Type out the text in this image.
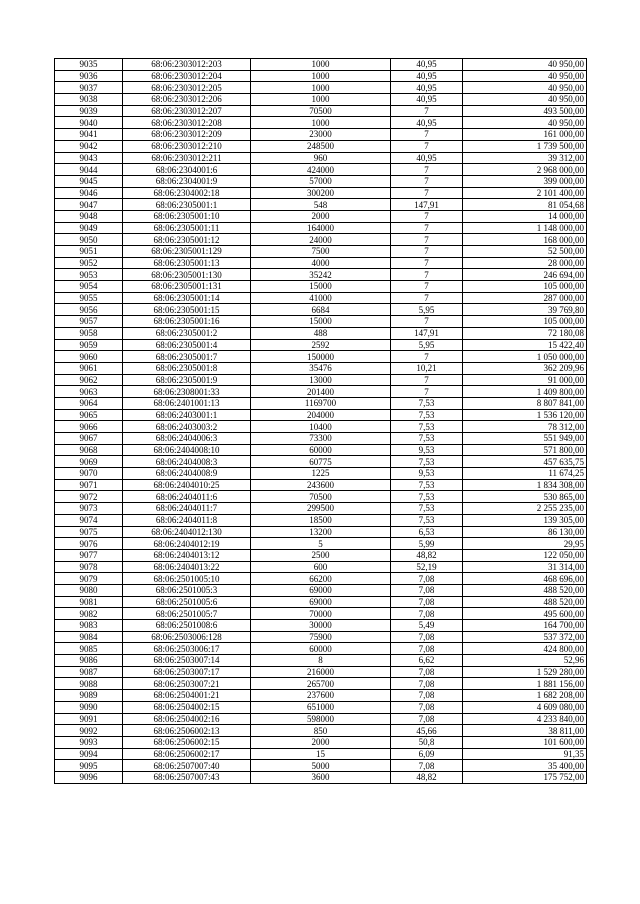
9035	68:06:2303012:203	1000	40,95	40 950,00
9036	68:06:2303012:204	1000	40,95	40 950,00
9037	68:06:2303012:205	1000	40,95	40 950,00
9038	68:06:2303012:206	1000	40,95	40 950,00
9039	68:06:2303012:207	70500	7	493 500,00
9040	68:06:2303012:208	1000	40,95	40 950,00
9041	68:06:2303012:209	23000	7	161 000,00
9042	68:06:2303012:210	248500	7	1 739 500,00
9043	68:06:2303012:211	960	40,95	39 312,00
9044	68:06:2304001:6	424000	7	2 968 000,00
9045	68:06:2304001:9	57000	7	399 000,00
9046	68:06:2304002:18	300200	7	2 101 400,00
9047	68:06:2305001:1	548	147,91	81 054,68
9048	68:06:2305001:10	2000	7	14 000,00
9049	68:06:2305001:11	164000	7	1 148 000,00
9050	68:06:2305001:12	24000	7	168 000,00
9051	68:06:2305001:129	7500	7	52 500,00
9052	68:06:2305001:13	4000	7	28 000,00
9053	68:06:2305001:130	35242	7	246 694,00
9054	68:06:2305001:131	15000	7	105 000,00
9055	68:06:2305001:14	41000	7	287 000,00
9056	68:06:2305001:15	6684	5,95	39 769,80
9057	68:06:2305001:16	15000	7	105 000,00
9058	68:06:2305001:2	488	147,91	72 180,08
9059	68:06:2305001:4	2592	5,95	15 422,40
9060	68:06:2305001:7	150000	7	1 050 000,00
9061	68:06:2305001:8	35476	10,21	362 209,96
9062	68:06:2305001:9	13000	7	91 000,00
9063	68:06:2308001:33	201400	7	1 409 800,00
9064	68:06:2401001:13	1169700	7,53	8 807 841,00
9065	68:06:2403001:1	204000	7,53	1 536 120,00
9066	68:06:2403003:2	10400	7,53	78 312,00
9067	68:06:2404006:3	73300	7,53	551 949,00
9068	68:06:2404008:10	60000	9,53	571 800,00
9069	68:06:2404008:3	60775	7,53	457 635,75
9070	68:06:2404008:9	1225	9,53	11 674,25
9071	68:06:2404010:25	243600	7,53	1 834 308,00
9072	68:06:2404011:6	70500	7,53	530 865,00
9073	68:06:2404011:7	299500	7,53	2 255 235,00
9074	68:06:2404011:8	18500	7,53	139 305,00
9075	68:06:2404012:130	13200	6,53	86 130,00
9076	68:06:2404012:19	5	5,99	29,95
9077	68:06:2404013:12	2500	48,82	122 050,00
9078	68:06:2404013:22	600	52,19	31 314,00
9079	68:06:2501005:10	66200	7,08	468 696,00
9080	68:06:2501005:3	69000	7,08	488 520,00
9081	68:06:2501005:6	69000	7,08	488 520,00
9082	68:06:2501005:7	70000	7,08	495 600,00
9083	68:06:2501008:6	30000	5,49	164 700,00
9084	68:06:2503006:128	75900	7,08	537 372,00
9085	68:06:2503006:17	60000	7,08	424 800,00
9086	68:06:2503007:14	8	6,62	52,96
9087	68:06:2503007:17	216000	7,08	1 529 280,00
9088	68:06:2503007:21	265700	7,08	1 881 156,00
9089	68:06:2504001:21	237600	7,08	1 682 208,00
9090	68:06:2504002:15	651000	7,08	4 609 080,00
9091	68:06:2504002:16	598000	7,08	4 233 840,00
9092	68:06:2506002:13	850	45,66	38 811,00
9093	68:06:2506002:15	2000	50,8	101 600,00
9094	68:06:2506002:17	15	6,09	91,35
9095	68:06:2507007:40	5000	7,08	35 400,00
9096	68:06:2507007:43	3600	48,82	175 752,00
